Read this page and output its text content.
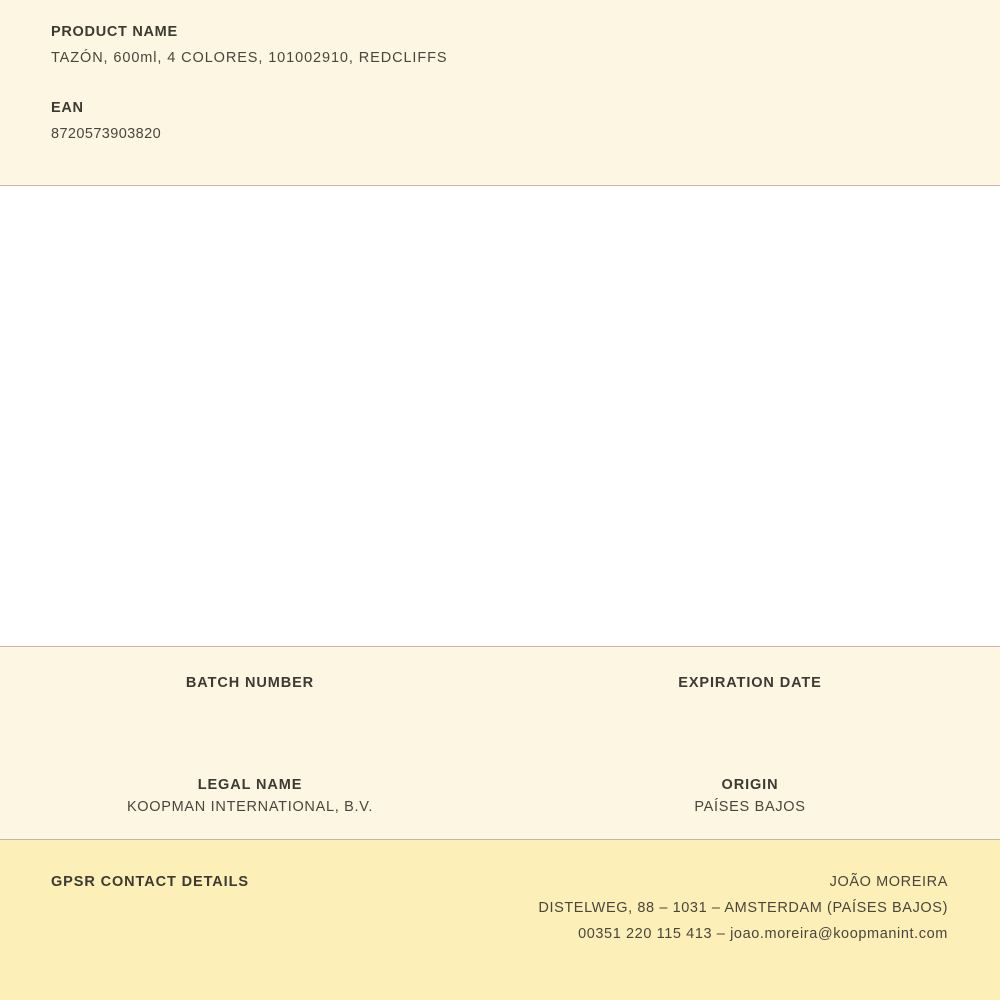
PRODUCT NAME

TAZÓN, 600ml, 4 COLORES, 101002910, REDCLIFFS

EAN

8720573903820

BATCH NUMBER	EXPIRATION DATE

LEGAL NAME

KOOPMAN INTERNATIONAL, B.V.

ORIGIN

PAÍSES BAJOS

GPSR CONTACT DETAILS	JOÃO MOREIRA

DISTELWEG, 88 – 1031 – AMSTERDAM (PAÍSES BAJOS)

00351 220 115 413 – joao.moreira@koopmanint.com
